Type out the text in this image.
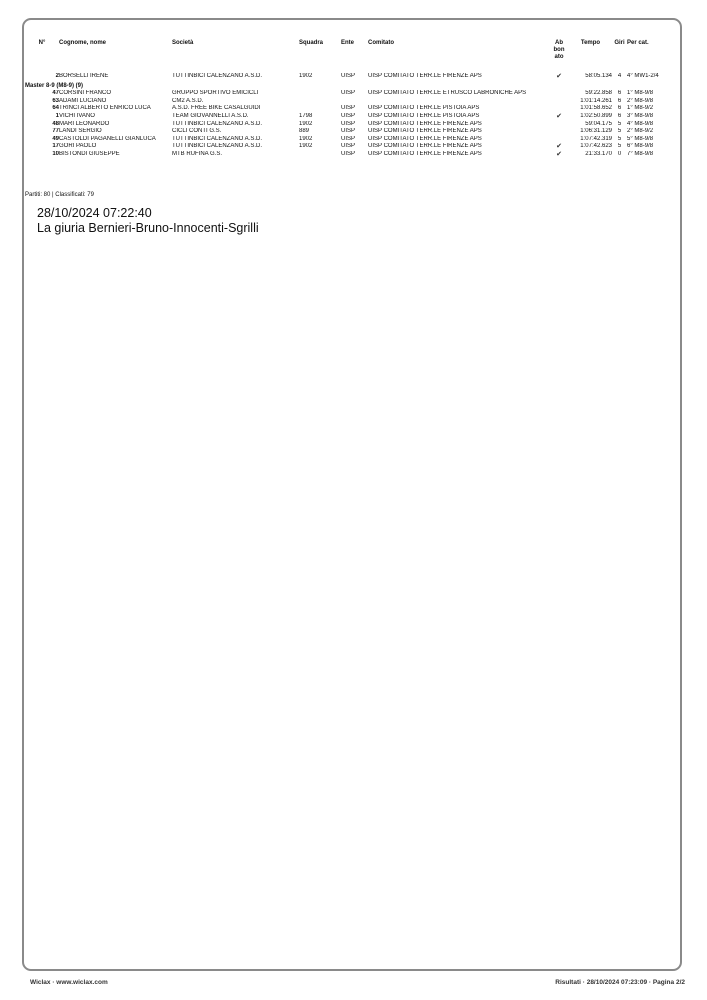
N°	Cognome, nome	Società	Squadra	Ente	Comitato	Ab
bon
ato	Tempo	Giri	Per cat.

2	BORSELLI IRENE	TUTTINBICI CALENZANO A.S.D.	1902	UISP	UISP COMITATO TERR.LE FIRENZE APS	✔	58:05.134	4	4° MW1-2/4
Master 8-9 (M8-9) (9)									
47	CORSINI FRANCO	GRUPPO SPORTIVO EMICICLI		UISP	UISP COMITATO TERR.LE ETRUSCO LABRONICHE APS		59:22.858	6	1° M8-9/8
63	ADAMI LUCIANO	CM2 A.S.D.					1:01:14.261	6	2° M8-9/8
64	TRINCI ALBERTO ENRICO LUCA	A.S.D. FREE BIKE CASALGUIDI		UISP	UISP COMITATO TERR.LE PISTOIA APS		1:01:58.652	6	1° M8-9/2
1	VICHI IVANO	TEAM GIOVANNELLI A.S.D.	1798	UISP	UISP COMITATO TERR.LE PISTOIA APS	✔	1:02:50.899	6	3° M8-9/8
48	MARI LEONARDO	TUTTINBICI CALENZANO A.S.D.	1902	UISP	UISP COMITATO TERR.LE FIRENZE APS		59:04.175	5	4° M8-9/8
77	LANDI SERGIO	CICLI CONTI G.S.	889	UISP	UISP COMITATO TERR.LE FIRENZE APS		1:06:31.129	5	2° M8-9/2
49	CASTOLDI PAGANELLI GIANLUCA	TUTTINBICI CALENZANO A.S.D.	1902	UISP	UISP COMITATO TERR.LE FIRENZE APS		1:07:42.319	5	5° M8-9/8
17	GORI PAOLO	TUTTINBICI CALENZANO A.S.D.	1902	UISP	UISP COMITATO TERR.LE FIRENZE APS	✔	1:07:42.623	5	6° M8-9/8
10	BISTONDI GIUSEPPE	MTB RUFINA G.S.		UISP	UISP COMITATO TERR.LE FIRENZE APS	✔	21:33.170	0	7° M8-9/8
Partiti: 80 | Classificati: 79
28/10/2024 07:22:40
La giuria Bernieri-Bruno-Innocenti-Sgrilli
Wiclax · www.wiclax.com	Risultati · 28/10/2024 07:23:09 · Pagina 2/2
